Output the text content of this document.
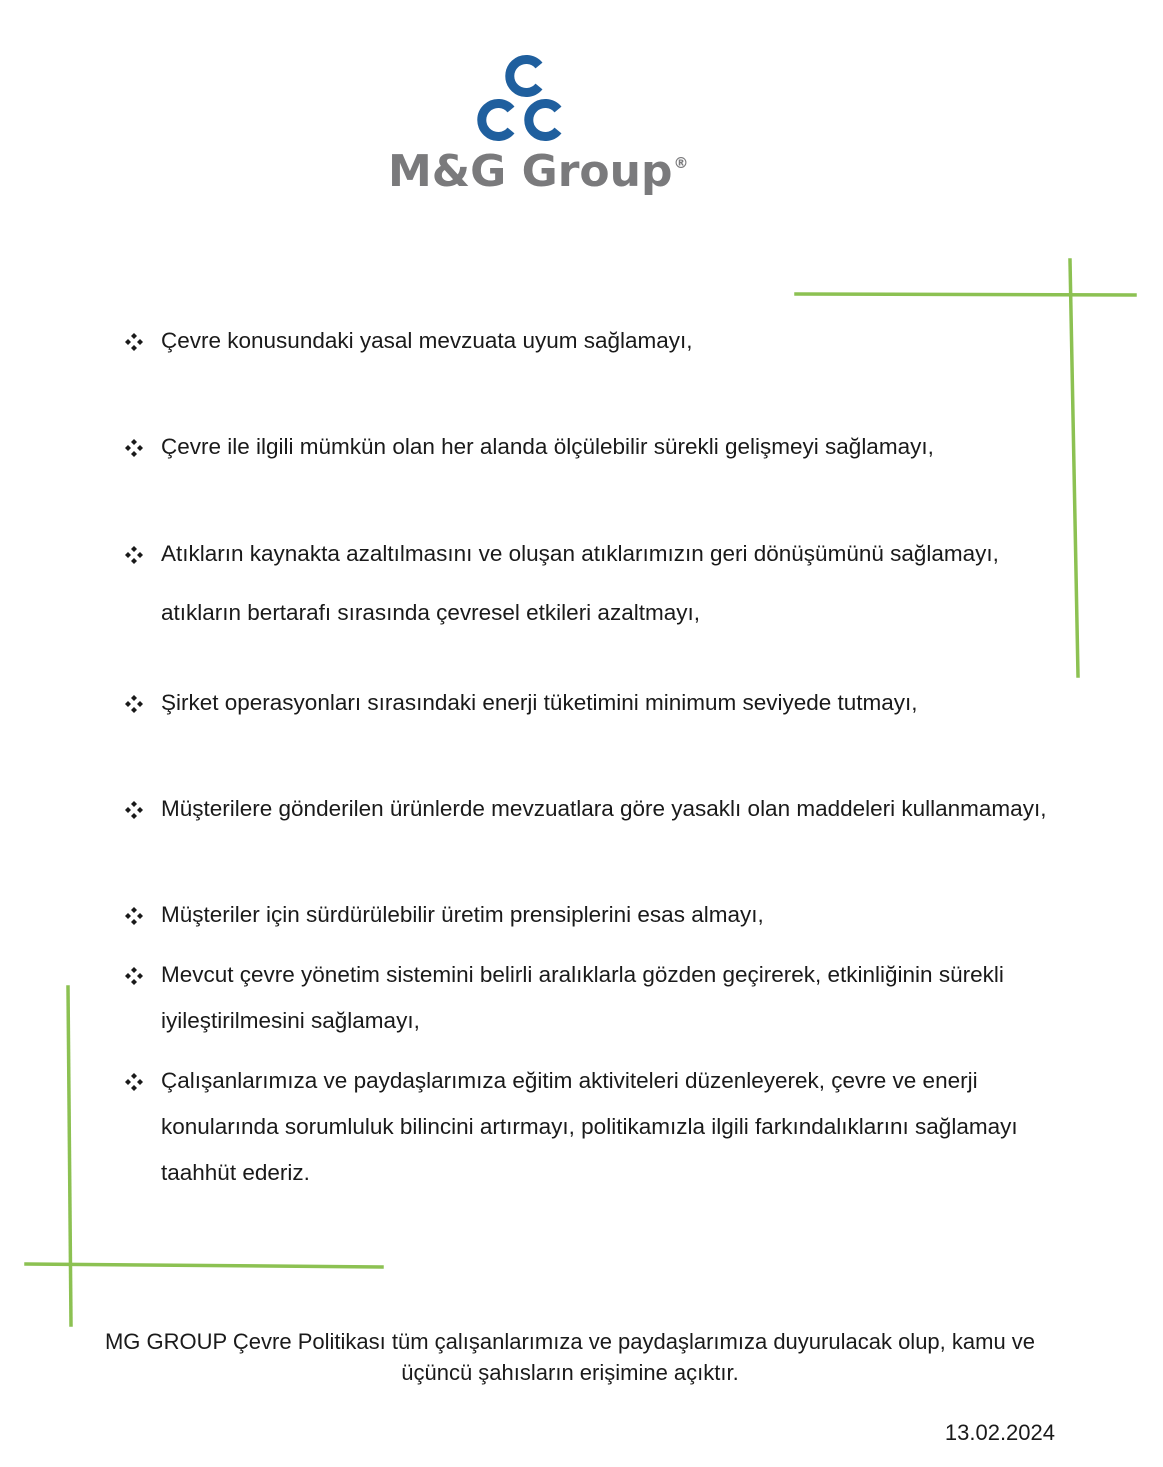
M&G Group®
Çevre konusundaki yasal mevzuata uyum sağlamayı,
Çevre ile ilgili mümkün olan her alanda ölçülebilir sürekli gelişmeyi sağlamayı,
Atıkların kaynakta azaltılmasını ve oluşan atıklarımızın geri dönüşümünü sağlamayı, atıkların bertarafı sırasında çevresel etkileri azaltmayı,
Şirket operasyonları sırasındaki enerji tüketimini minimum seviyede tutmayı,
Müşterilere gönderilen ürünlerde mevzuatlara göre yasaklı olan maddeleri kullanmamayı,
Müşteriler için sürdürülebilir üretim prensiplerini esas almayı,
Mevcut çevre yönetim sistemini belirli aralıklarla gözden geçirerek, etkinliğinin sürekli iyileştirilmesini sağlamayı,
Çalışanlarımıza ve paydaşlarımıza eğitim aktiviteleri düzenleyerek, çevre ve enerji konularında sorumluluk bilincini artırmayı, politikamızla ilgili farkındalıklarını sağlamayı taahhüt ederiz.
MG GROUP Çevre Politikası tüm çalışanlarımıza ve paydaşlarımıza duyurulacak olup, kamu ve üçüncü şahısların erişimine açıktır.
13.02.2024
